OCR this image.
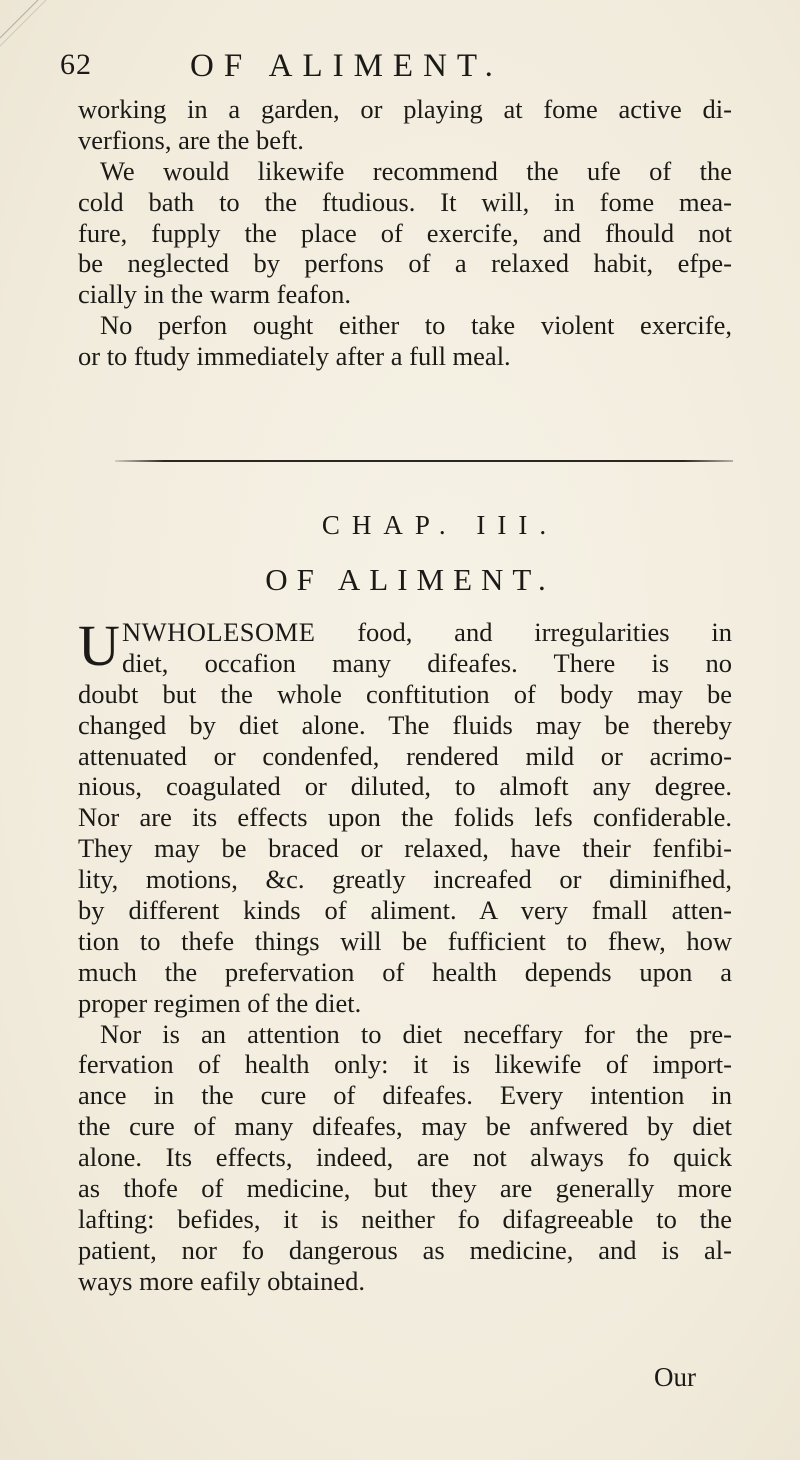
62	OF ALIMENT.
working in a garden, or playing at fome active di-
verfions, are the beft.
We would likewife recommend the ufe of the
cold bath to the ftudious. It will, in fome mea-
fure, fupply the place of exercife, and fhould not
be neglected by perfons of a relaxed habit, efpe-
cially in the warm feafon.
No perfon ought either to take violent exercife,
or to ftudy immediately after a full meal.
CHAP. III.
OF ALIMENT.
U NWHOLESOME food, and irregularities in
diet, occafion many difeafes. There is no
doubt but the whole conftitution of body may be
changed by diet alone. The fluids may be thereby
attenuated or condenfed, rendered mild or acrimo-
nious, coagulated or diluted, to almoft any degree.
Nor are its effects upon the folids lefs confiderable.
They may be braced or relaxed, have their fenfibi-
lity, motions, &c. greatly increafed or diminifhed,
by different kinds of aliment. A very fmall atten-
tion to thefe things will be fufficient to fhew, how
much the prefervation of health depends upon a
proper regimen of the diet.
Nor is an attention to diet neceffary for the pre-
fervation of health only: it is likewife of import-
ance in the cure of difeafes. Every intention in
the cure of many difeafes, may be anfwered by diet
alone. Its effects, indeed, are not always fo quick
as thofe of medicine, but they are generally more
lafting: befides, it is neither fo difagreeable to the
patient, nor fo dangerous as medicine, and is al-
ways more eafily obtained.
Our
